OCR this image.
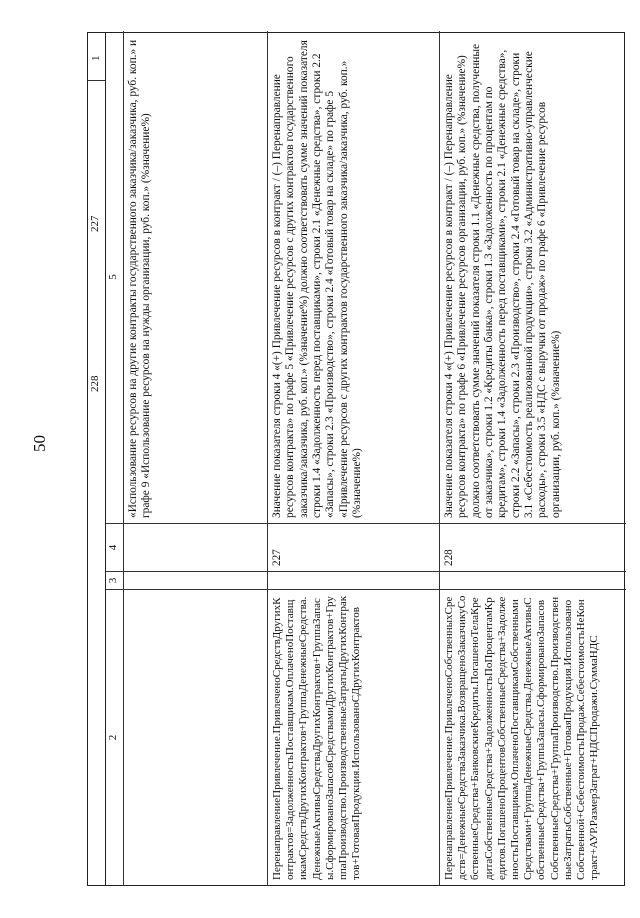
50
1
2
3
4
5 «Использование ресурсов на другие контракты государственного заказчика/заказчика, руб. коп.» и графе 9 «Использование ресурсов на нужды организации, руб. коп.» (%значение%)
ПеренаправлениеПривлечение.ПривлеченоСредствДругихКонтрактов=ЗадолженностьПоставщикам.ОплаченоПоставщикамСредствДругихКонтрактов+ГруппаДенежныеСредства.ДенежныеАктивыСредстваДругихКонтрактов+ГруппаЗапасы.СформированоЗапасовСредствамиДругихКонтрактов+ГруппаПроизводство.ПроизводственныеЗатратыДругихКонтрактов+ГотоваяПродукция.ИспользованоСДругихКонтрактов
227
Значение показателя строки 4 «(+) Привлечение ресурсов в контракт / (–) Перенаправление ресурсов контракта» по графе 5 «Привлечение ресурсов с других контрактов государственного заказчика/заказчика, руб. коп.» (%значение%) должно соответствовать сумме значений показателя строки 1.4 «Задолженность перед поставщиками», строки 2.1 «Денежные средства», строки 2.2 «Запасы», строки 2.3 «Производство», строки 2.4 «Готовый товар на складе» по графе 5 «Привлечение ресурсов с других контрактов государственного заказчика/заказчика, руб. коп.» (%значение%)
ПеренаправлениеПривлечение.ПривлеченоСобственныхСредств=ДенежныеСредстваЗаказчика.ВозвращеноЗаказчикуСобственныеСредства+БанковскиеКредиты.ПогашеноТелаКредитаСобственныеСредства+ЗадолженностьПоПроцентамКредитов.ПогашеноПроцентовСобственныеСредства+ЗадолженностьПоставщикам.ОплаченоПоставщикамСобственнымиСредствами+ГруппаДенежныеСредства.ДенежныеАктивыСобственныеСредства+ГруппаЗапасы.СформированоЗапасовСобственныеСредства+ГруппаПроизводство.ПроизводственныеЗатратыСобственные+ГотоваяПродукция.ИспользованоСобственной+СебестоимостьПродаж.СебестоимостьНеКонтракт+АУР.РазмерЗатрат+НДСПродажи.СуммаНДС
228
Значение показателя строки 4 «(+) Привлечение ресурсов в контракт / (–) Перенаправление ресурсов контракта» по графе 6 «Привлечение ресурсов организации, руб. коп.» (%значение%) должно соответствовать сумме значений показателя строки 1.1 «Денежные средства, полученные от заказчика», строки 1.2 «Кредиты банка», строки 1.3 «Задолженность по процентам по кредитам», строки 1.4 «Задолженность перед поставщиками», строки 2.1 «Денежные средства», строки 2.2 «Запасы», строки 2.3 «Производство», строки 2.4 «Готовый товар на складе», строки 3.1 «Себестоимость реализованной продукции», строки 3.2 «Административно-управленческие расходы», строки 3.5 «НДС с выручки от продаж» по графе 6 «Привлечение ресурсов организации, руб. коп.» (%значение%)
227
228
